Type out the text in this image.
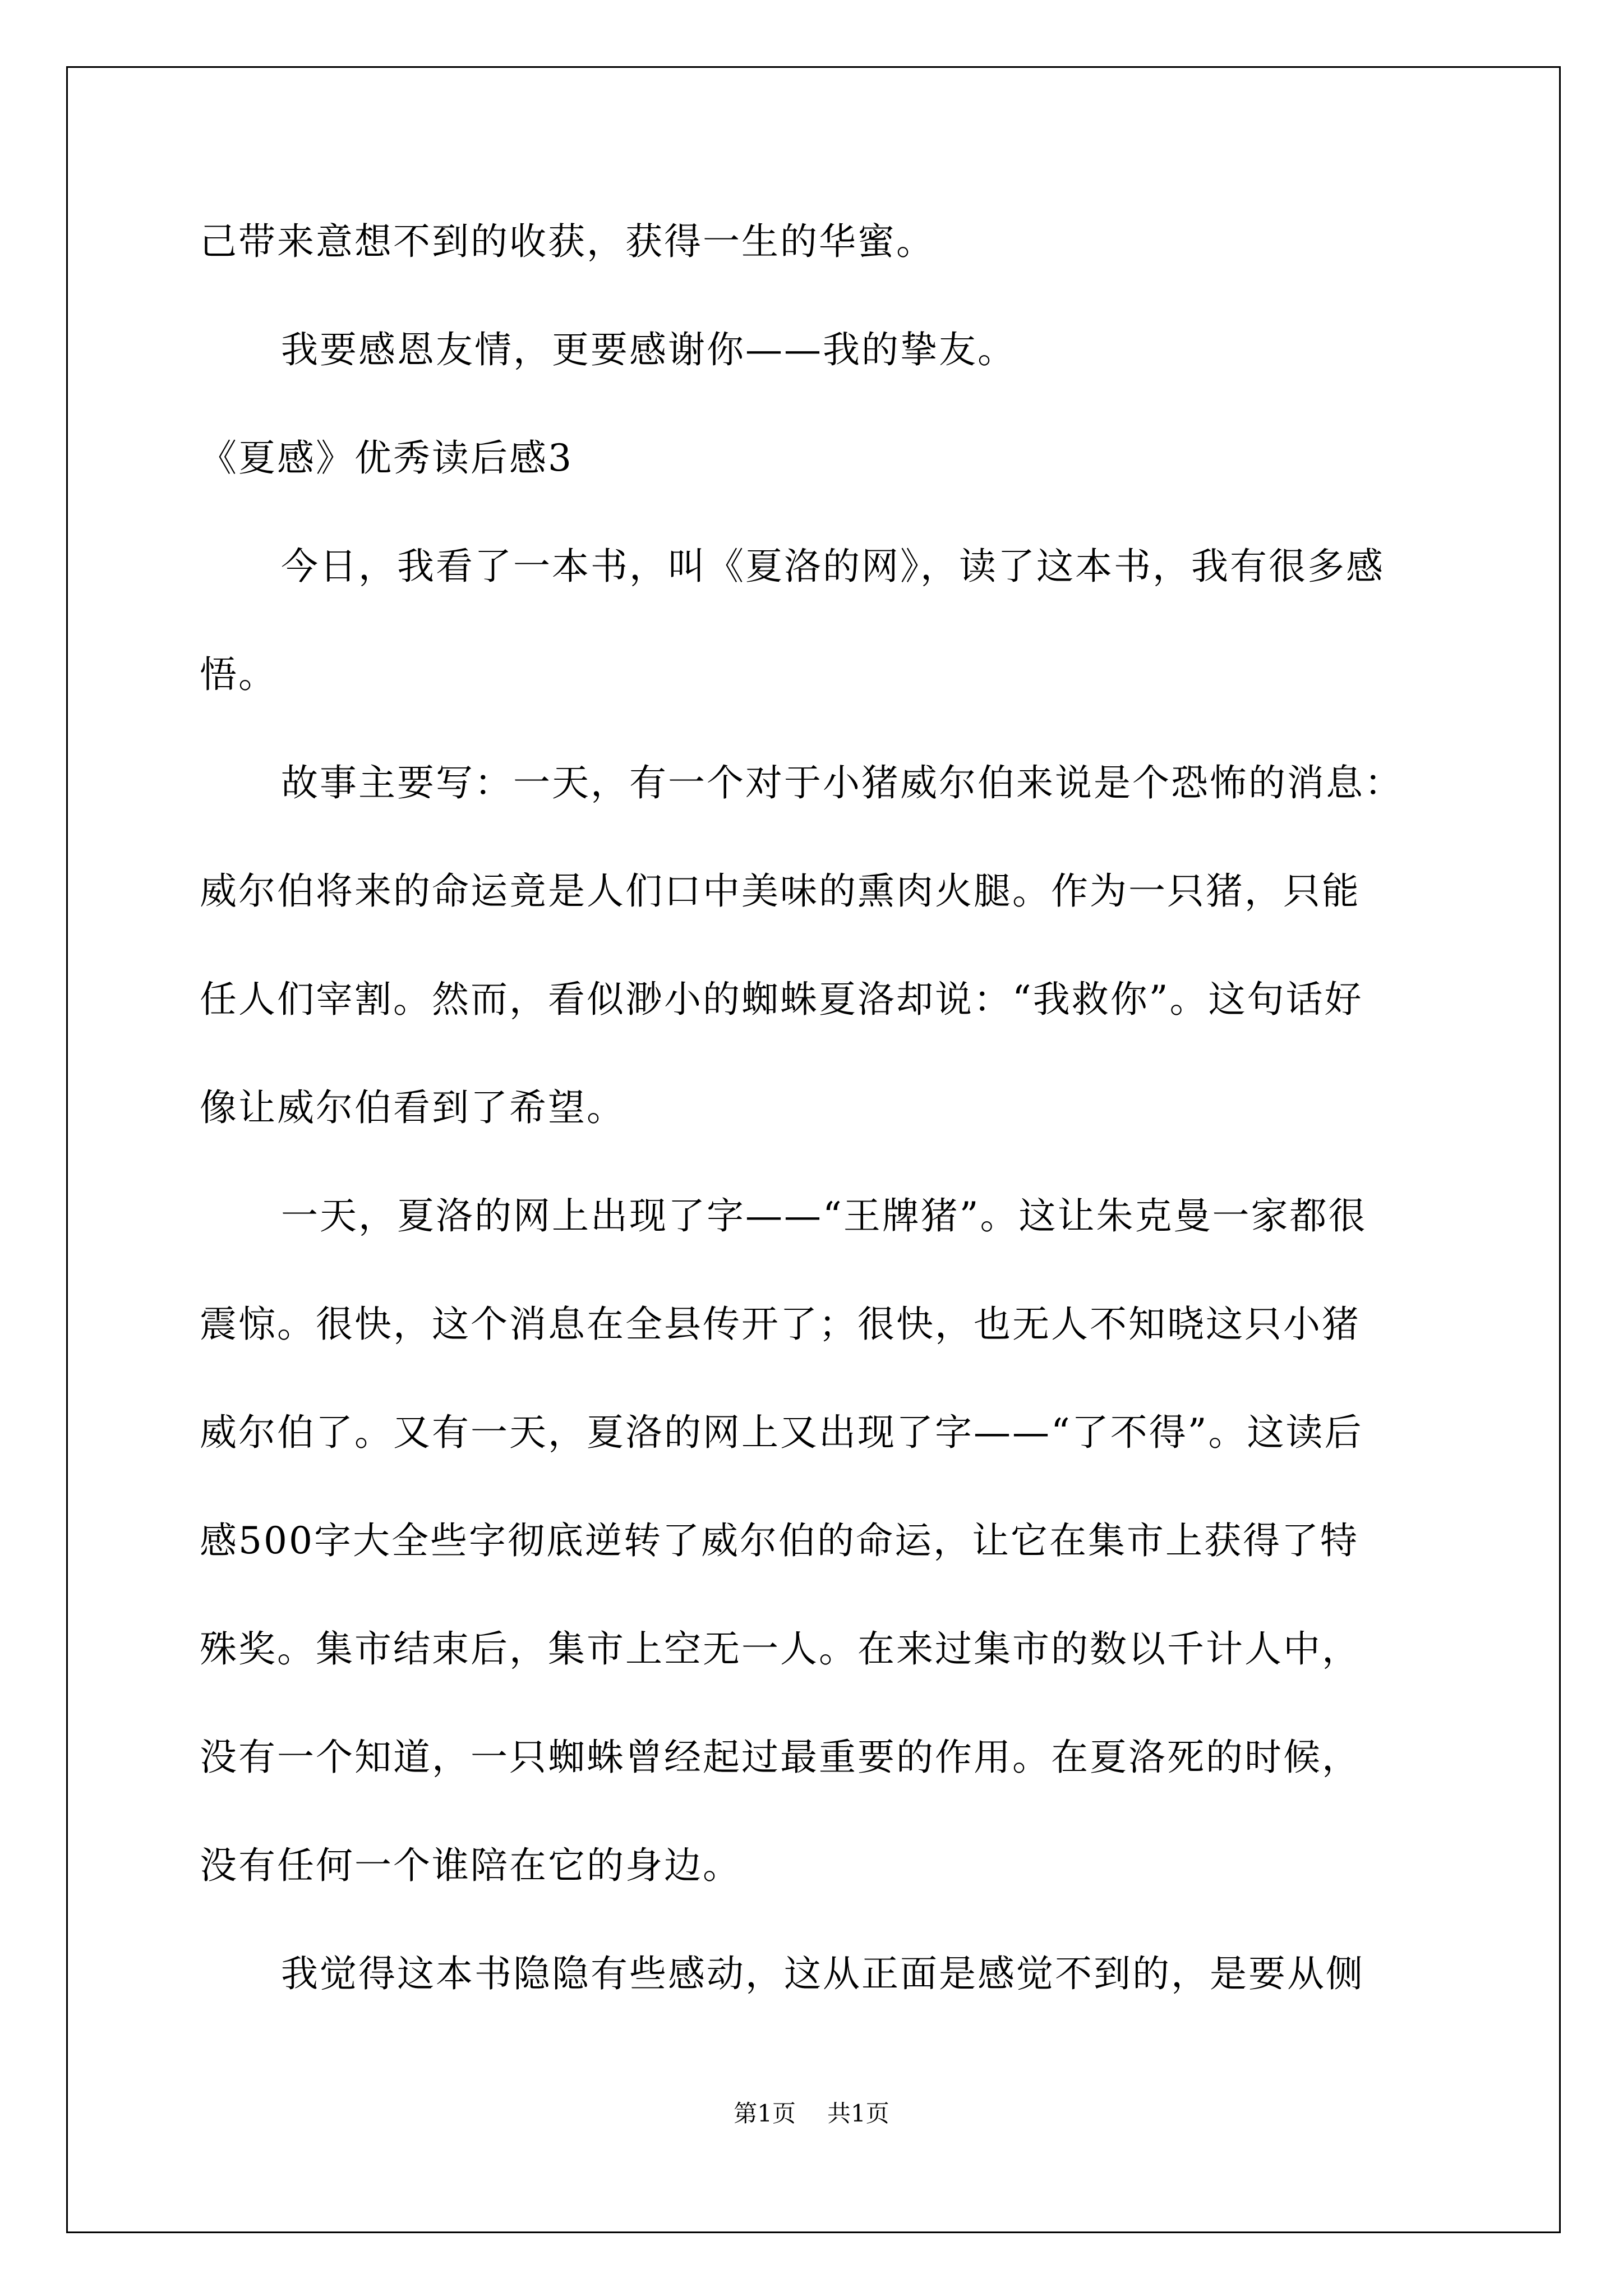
己带来意想不到的收获，获得一生的华蜜。
我要感恩友情，更要感谢你——我的挚友。
《夏感》优秀读后感3
今日，我看了一本书，叫《夏洛的网》，读了这本书，我有很多感
悟。
故事主要写：一天，有一个对于小猪威尔伯来说是个恐怖的消息：
威尔伯将来的命运竟是人们口中美味的熏肉火腿。作为一只猪，只能
任人们宰割。然而，看似渺小的蜘蛛夏洛却说：“我救你”。这句话好
像让威尔伯看到了希望。
一天，夏洛的网上出现了字——“王牌猪”。这让朱克曼一家都很
震惊。很快，这个消息在全县传开了；很快，也无人不知晓这只小猪
威尔伯了。又有一天，夏洛的网上又出现了字——“了不得”。这读后
感500字大全些字彻底逆转了威尔伯的命运，让它在集市上获得了特
殊奖。集市结束后，集市上空无一人。在来过集市的数以千计人中，
没有一个知道，一只蜘蛛曾经起过最重要的作用。在夏洛死的时候，
没有任何一个谁陪在它的身边。
我觉得这本书隐隐有些感动，这从正面是感觉不到的，是要从侧
第1页 共1页
